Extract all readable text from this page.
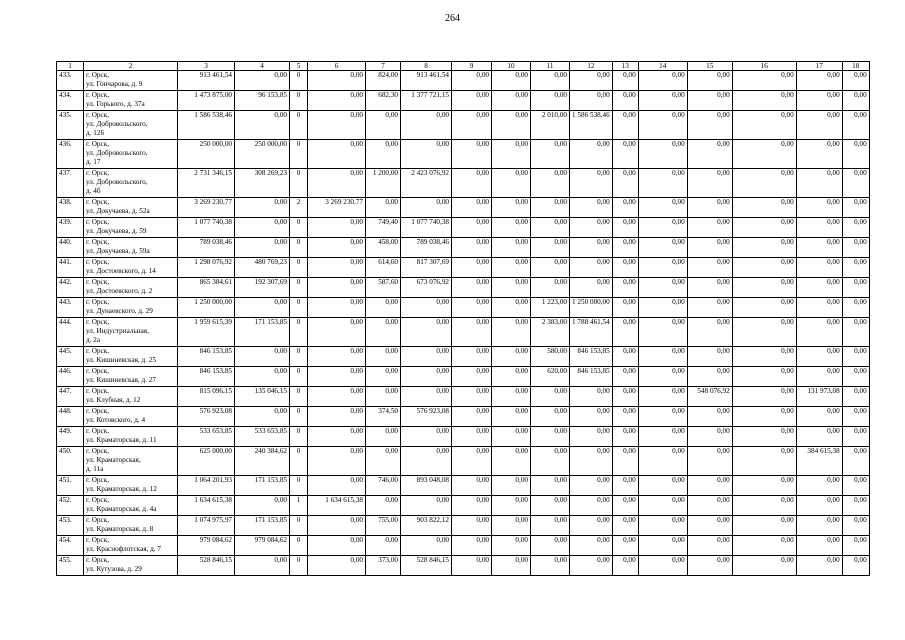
264
1	2	3	4	5	6	7	8	9	10	11	12	13	14	15	16	17	18
433.	г. Орск,
ул. Гончарова, д. 9	913 461,54	0,00	0	0,00	824,00	913 461,54	0,00	0,00	0,00	0,00	0,00	0,00	0,00	0,00	0,00	0,00
434.	г. Орск,
ул. Горького, д. 37а	1 473 875,00	96 153,85	0	0,00	682,30	1 377 721,15	0,00	0,00	0,00	0,00	0,00	0,00	0,00	0,00	0,00	0,00
435.	г. Орск,
ул. Добровольского,
д. 126	1 586 538,46	0,00	0	0,00	0,00	0,00	0,00	0,00	2 010,00	1 586 538,46	0,00	0,00	0,00	0,00	0,00	0,00
436.	г. Орск,
ул. Добровольского,
д. 17	250 000,00	250 000,00	0	0,00	0,00	0,00	0,00	0,00	0,00	0,00	0,00	0,00	0,00	0,00	0,00	0,00
437.	г. Орск,
ул. Добровольского,
д. 4б	2 731 346,15	308 269,23	0	0,00	1 200,00	2 423 076,92	0,00	0,00	0,00	0,00	0,00	0,00	0,00	0,00	0,00	0,00
438.	г. Орск,
ул. Докучаева, д. 52а	3 269 230,77	0,00	2	3 269 230,77	0,00	0,00	0,00	0,00	0,00	0,00	0,00	0,00	0,00	0,00	0,00	0,00
439.	г. Орск,
ул. Докучаева, д. 59	1 077 740,38	0,00	0	0,00	749,40	1 077 740,38	0,00	0,00	0,00	0,00	0,00	0,00	0,00	0,00	0,00	0,00
440.	г. Орск,
ул. Докучаева, д. 59а	789 038,46	0,00	0	0,00	458,00	789 038,46	0,00	0,00	0,00	0,00	0,00	0,00	0,00	0,00	0,00	0,00
441.	г. Орск,
ул. Достоевского, д. 14	1 298 076,92	480 769,23	0	0,00	614,60	817 307,69	0,00	0,00	0,00	0,00	0,00	0,00	0,00	0,00	0,00	0,00
442.	г. Орск,
ул. Достоевского, д. 2	865 384,61	192 307,69	0	0,00	587,60	673 076,92	0,00	0,00	0,00	0,00	0,00	0,00	0,00	0,00	0,00	0,00
443.	г. Орск,
ул. Дунаевского, д. 29	1 250 000,00	0,00	0	0,00	0,00	0,00	0,00	0,00	1 223,00	1 250 000,00	0,00	0,00	0,00	0,00	0,00	0,00
444.	г. Орск,
ул. Индустриальная,
д. 2а	1 959 615,39	171 153,85	0	0,00	0,00	0,00	0,00	0,00	2 383,00	1 788 461,54	0,00	0,00	0,00	0,00	0,00	0,00
445.	г. Орск,
ул. Кишиневская, д. 25	846 153,85	0,00	0	0,00	0,00	0,00	0,00	0,00	580,00	846 153,85	0,00	0,00	0,00	0,00	0,00	0,00
446.	г. Орск,
ул. Кишиневская, д. 27	846 153,85	0,00	0	0,00	0,00	0,00	0,00	0,00	620,00	846 153,85	0,00	0,00	0,00	0,00	0,00	0,00
447.	г. Орск,
ул. Клубная, д. 12	815 096,15	135 046,15	0	0,00	0,00	0,00	0,00	0,00	0,00	0,00	0,00	0,00	548 076,92	0,00	131 973,08	0,00
448.	г. Орск,
ул. Котовского, д. 4	576 923,08	0,00	0	0,00	374,50	576 923,08	0,00	0,00	0,00	0,00	0,00	0,00	0,00	0,00	0,00	0,00
449.	г. Орск,
ул. Краматорская, д. 11	533 653,85	533 653,85	0	0,00	0,00	0,00	0,00	0,00	0,00	0,00	0,00	0,00	0,00	0,00	0,00	0,00
450.	г. Орск,
ул. Краматорская,
д. 11а	625 000,00	240 384,62	0	0,00	0,00	0,00	0,00	0,00	0,00	0,00	0,00	0,00	0,00	0,00	384 615,38	0,00
451.	г. Орск,
ул. Краматорская, д. 12	1 064 201,93	171 153,85	0	0,00	746,00	893 048,08	0,00	0,00	0,00	0,00	0,00	0,00	0,00	0,00	0,00	0,00
452.	г. Орск,
ул. Краматорская, д. 4а	1 634 615,38	0,00	1	1 634 615,38	0,00	0,00	0,00	0,00	0,00	0,00	0,00	0,00	0,00	0,00	0,00	0,00
453.	г. Орск,
ул. Краматорская, д. 8	1 074 975,97	171 153,85	0	0,00	755,00	903 822,12	0,00	0,00	0,00	0,00	0,00	0,00	0,00	0,00	0,00	0,00
454.	г. Орск,
ул. Краснофлотская, д. 7	979 084,62	979 084,62	0	0,00	0,00	0,00	0,00	0,00	0,00	0,00	0,00	0,00	0,00	0,00	0,00	0,00
455.	г. Орск,
ул. Кутузова, д. 29	528 846,15	0,00	0	0,00	373,00	528 846,15	0,00	0,00	0,00	0,00	0,00	0,00	0,00	0,00	0,00	0,00
